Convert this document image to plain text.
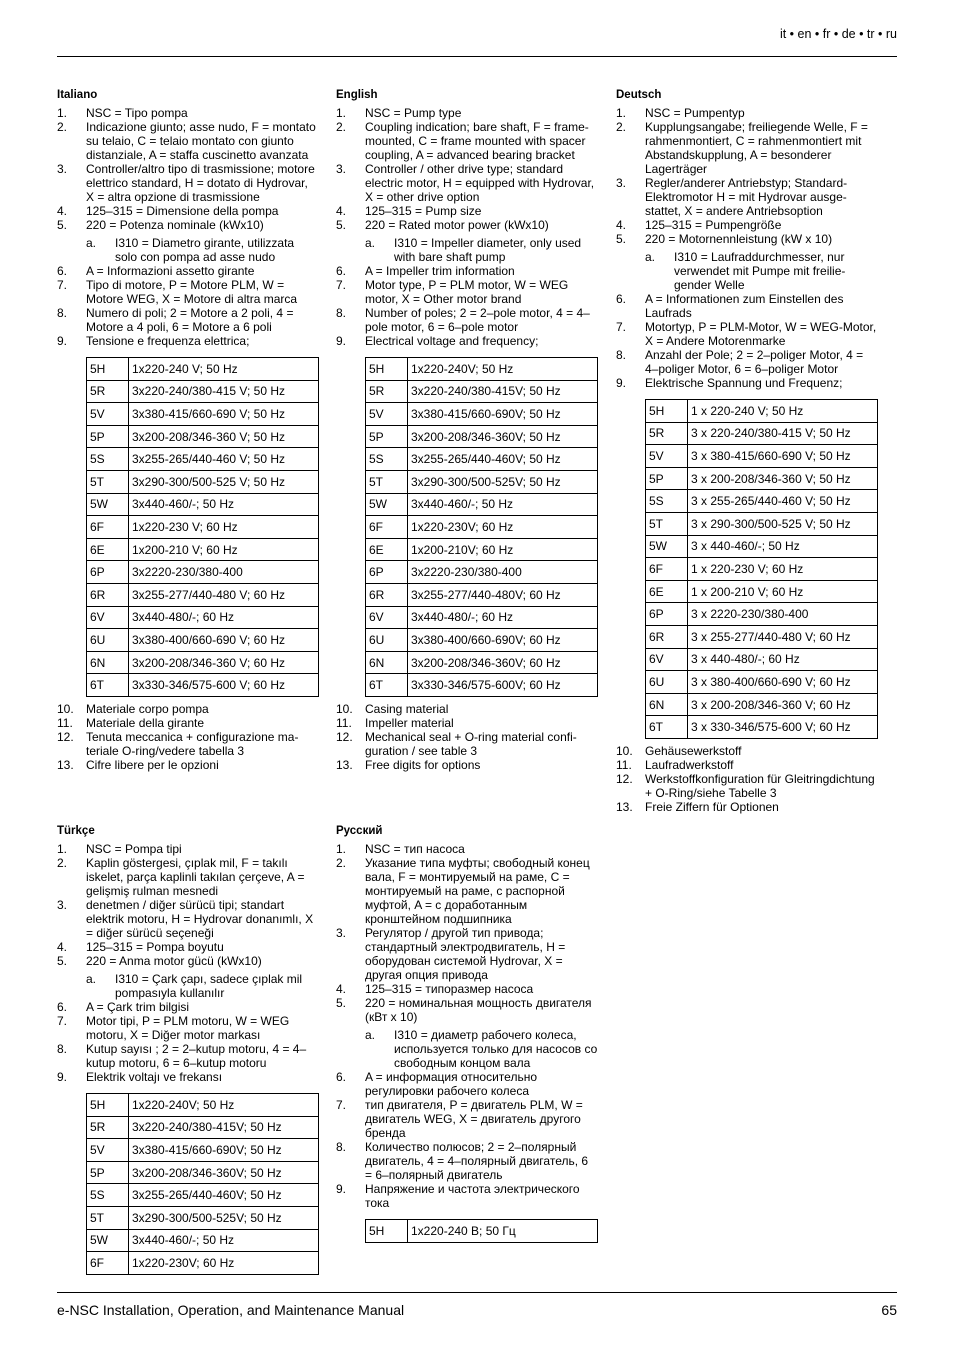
it • en • fr • de • tr • ru
Italiano
1.	NSC = Tipo pompa
2.	Indicazione giunto; asse nudo, F = montato su telaio, C = telaio montato con giunto distanziale, A = staffa cuscinetto avanzata
3.	Controller/altro tipo di trasmissione; motore elettrico standard, H = dotato di Hydrovar, X = altra opzione di trasmissione
4.	125–315 = Dimensione della pompa
5.	220 = Potenza nominale (kWx10)
a.	I310 = Diametro girante, utilizzata solo con pompa ad asse nudo
6.	A = Informazioni assetto girante
7.	Tipo di motore, P = Motore PLM, W = Motore WEG, X = Motore di altra marca
8.	Numero di poli; 2 = Motore a 2 poli, 4 = Motore a 4 poli, 6 = Motore a 6 poli
9.	Tensione e frequenza elettrica;
5H	1x220-240 V; 50 Hz
5R	3x220-240/380-415 V; 50 Hz
5V	3x380-415/660-690 V; 50 Hz
5P	3x200-208/346-360 V; 50 Hz
5S	3x255-265/440-460 V; 50 Hz
5T	3x290-300/500-525 V; 50 Hz
5W	3x440-460/-; 50 Hz
6F	1x220-230 V; 60 Hz
6E	1x200-210 V; 60 Hz
6P	3x2220-230/380-400
6R	3x255-277/440-480 V; 60 Hz
6V	3x440-480/-; 60 Hz
6U	3x380-400/660-690 V; 60 Hz
6N	3x200-208/346-360 V; 60 Hz
6T	3x330-346/575-600 V; 60 Hz
10.	Materiale corpo pompa
11.	Materiale della girante
12.	Tenuta meccanica + configurazione materiale O-ring/vedere tabella 3
13.	Cifre libere per le opzioni
English
1.	NSC = Pump type
2.	Coupling indication; bare shaft, F = frame- mounted, C = frame mounted with spacer coupling, A = advanced bearing bracket
3.	Controller / other drive type; standard electric motor, H = equipped with Hydrovar, X = other drive option
4.	125–315 = Pump size
5.	220 = Rated motor power (kWx10)
a.	I310 = Impeller diameter, only used with bare shaft pump
6.	A = Impeller trim information
7.	Motor type, P = PLM motor, W = WEG motor, X = Other motor brand
8.	Number of poles; 2 = 2–pole motor, 4 = 4–pole motor, 6 = 6–pole motor
9.	Electrical voltage and frequency;
5H	1x220-240V; 50 Hz
5R	3x220-240/380-415V; 50 Hz
5V	3x380-415/660-690V; 50 Hz
5P	3x200-208/346-360V; 50 Hz
5S	3x255-265/440-460V; 50 Hz
5T	3x290-300/500-525V; 50 Hz
5W	3x440-460/-; 50 Hz
6F	1x220-230V; 60 Hz
6E	1x200-210V; 60 Hz
6P	3x2220-230/380-400
6R	3x255-277/440-480V; 60 Hz
6V	3x440-480/-; 60 Hz
6U	3x380-400/660-690V; 60 Hz
6N	3x200-208/346-360V; 60 Hz
6T	3x330-346/575-600V; 60 Hz
10.	Casing material
11.	Impeller material
12.	Mechanical seal + O-ring material configuration / see table 3
13.	Free digits for options
Deutsch
1.	NSC = Pumpentyp
2.	Kupplungsangabe; freiliegende Welle, F = rahmenmontiert, C = rahmenmontiert mit Abstandskupplung, A = besonderer Lagerträger
3.	Regler/anderer Antriebstyp; Standard-Elektromotor H = mit Hydrovar ausgestattet, X = andere Antriebsoption
4.	125–315 = Pumpengröße
5.	220 = Motornennleistung (kW x 10)
a.	I310 = Laufraddurchmesser, nur verwendet mit Pumpe mit freiliegender Welle
6.	A = Informationen zum Einstellen des Laufrads
7.	Motortyp, P = PLM-Motor, W = WEG-Motor, X = Andere Motorenmarke
8.	Anzahl der Pole; 2 = 2–poliger Motor, 4 = 4–poliger Motor, 6 = 6–poliger Motor
9.	Elektrische Spannung und Frequenz;
5H	1 x 220-240 V; 50 Hz
5R	3 x 220-240/380-415 V; 50 Hz
5V	3 x 380-415/660-690 V; 50 Hz
5P	3 x 200-208/346-360 V; 50 Hz
5S	3 x 255-265/440-460 V; 50 Hz
5T	3 x 290-300/500-525 V; 50 Hz
5W	3 x 440-460/-; 50 Hz
6F	1 x 220-230 V; 60 Hz
6E	1 x 200-210 V; 60 Hz
6P	3 x 2220-230/380-400
6R	3 x 255-277/440-480 V; 60 Hz
6V	3 x 440-480/-; 60 Hz
6U	3 x 380-400/660-690 V; 60 Hz
6N	3 x 200-208/346-360 V; 60 Hz
6T	3 x 330-346/575-600 V; 60 Hz
10.	Gehäusewerkstoff
11.	Laufradwerkstoff
12.	Werkstoffkonfiguration für Gleitringdichtung + O-Ring/siehe Tabelle 3
13.	Freie Ziffern für Optionen
Türkçe
1.	NSC = Pompa tipi
2.	Kaplin göstergesi, çıplak mil, F = takılı iskelet, parça kaplinli takılan çerçeve, A = gelişmiş rulman mesnedi
3.	denetmen / diğer sürücü tipi; standart elektrik motoru, H = Hydrovar donanımlı, X = diğer sürücü seçeneği
4.	125–315 = Pompa boyutu
5.	220 = Anma motor gücü (kWx10)
a.	I310 = Çark çapı, sadece çıplak mil pompasıyla kullanılır
6.	A = Çark trim bilgisi
7.	Motor tipi, P = PLM motoru, W = WEG motoru, X = Diğer motor markası
8.	Kutup sayısı ; 2 = 2–kutup motoru, 4 = 4–kutup motoru, 6 = 6–kutup motoru
9.	Elektrik voltajı ve frekansı
5H	1x220-240V; 50 Hz
5R	3x220-240/380-415V; 50 Hz
5V	3x380-415/660-690V; 50 Hz
5P	3x200-208/346-360V; 50 Hz
5S	3x255-265/440-460V; 50 Hz
5T	3x290-300/500-525V; 50 Hz
5W	3x440-460/-; 50 Hz
6F	1x220-230V; 60 Hz
Русский
1.	NSC = тип насоса
2.	Указание типа муфты; свободный конец вала, F = монтируемый на раме, C = монтируемый на раме, с распорной муфтой, A = с доработанным кронштейном подшипника
3.	Регулятор / другой тип привода; стандартный электродвигатель, H = оборудован системой Hydrovar, X = другая опция привода
4.	125–315 = типоразмер насоса
5.	220 = номинальная мощность двигателя (кВт x 10)
a.	I310 = диаметр рабочего колеса, используется только для насосов со свободным концом вала
6.	A = информация относительно регулировки рабочего колеса
7.	тип двигателя, P = двигатель PLM, W = двигатель WEG, X = двигатель другого бренда
8.	Количество полюсов; 2 = 2–полярный двигатель, 4 = 4–полярный двигатель, 6 = 6–полярный двигатель
9.	Напряжение и частота электрического тока
5H	1x220-240 В; 50 Гц
e-NSC Installation, Operation, and Maintenance Manual	65
